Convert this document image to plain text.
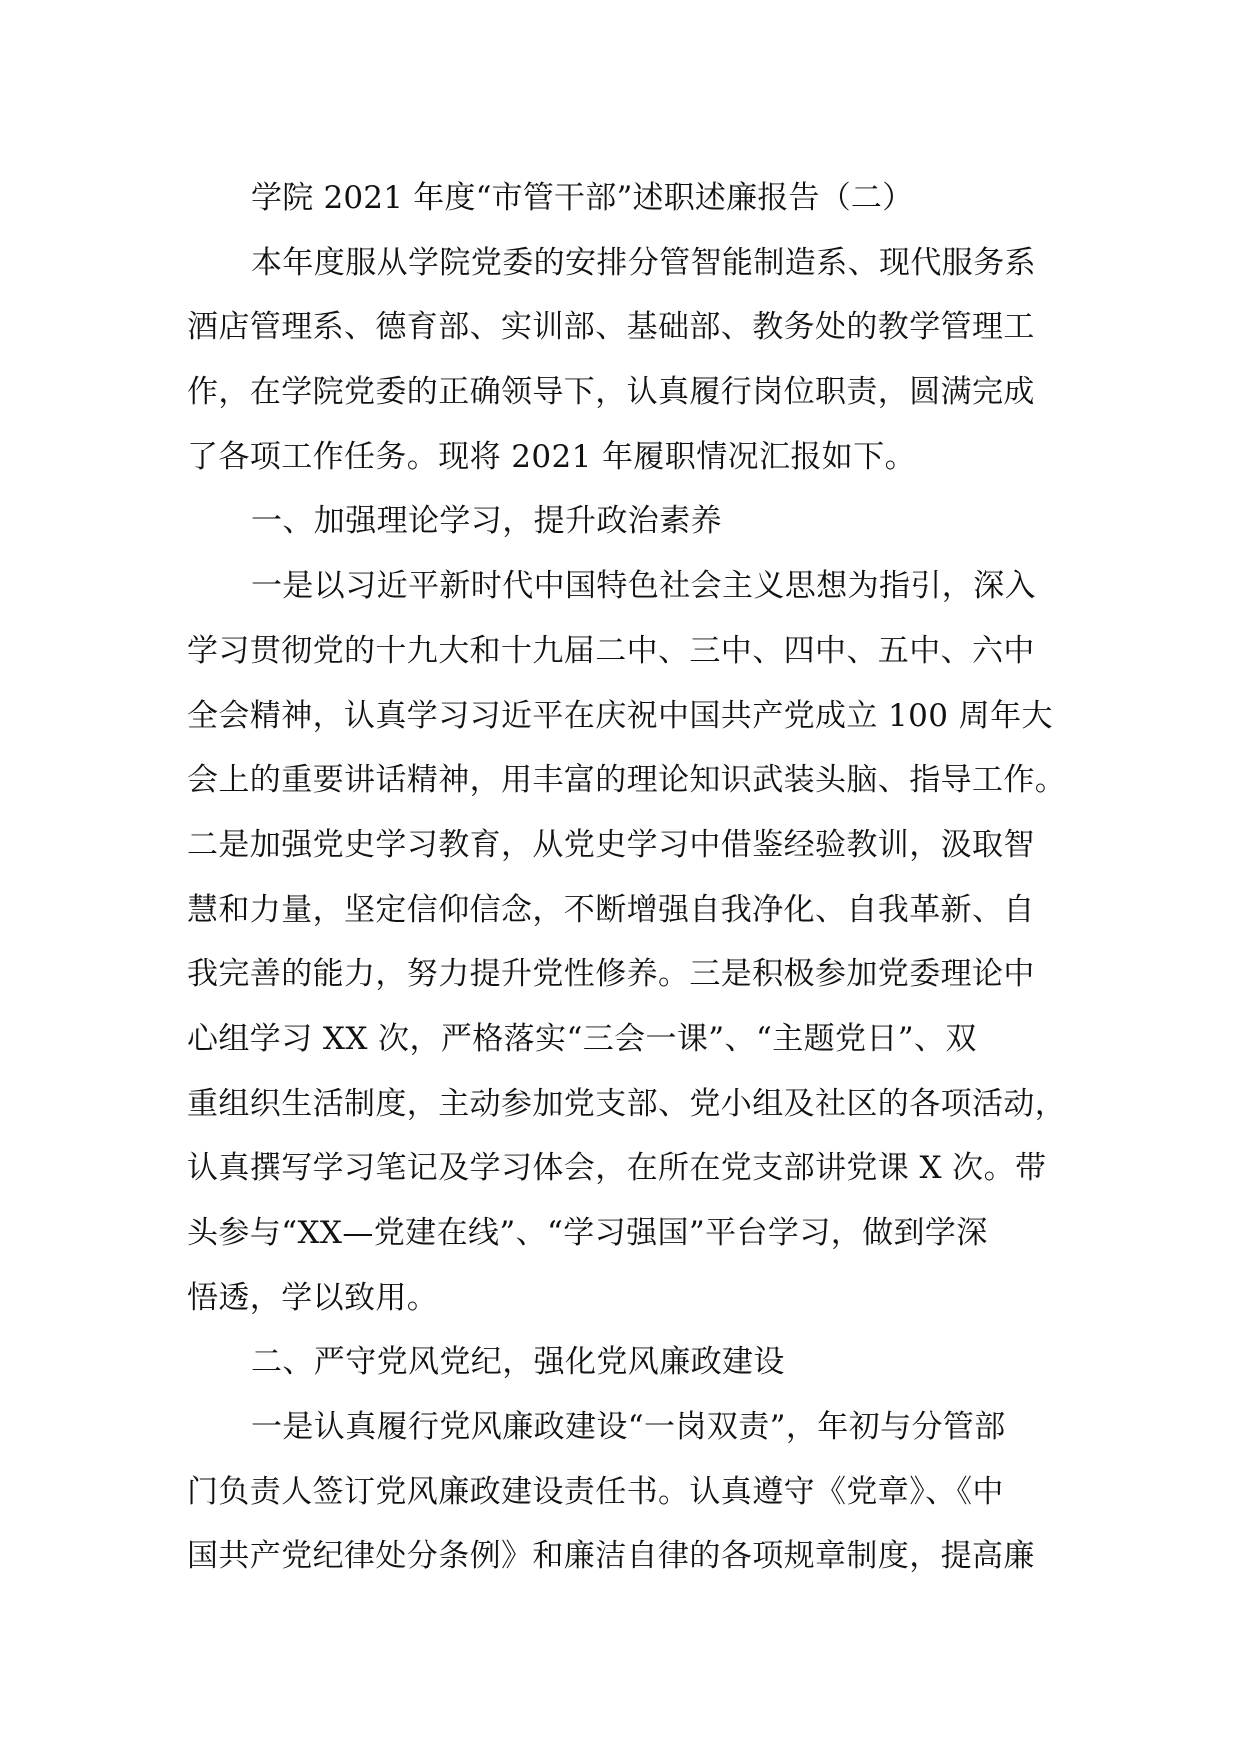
学院 2021 年度“市管干部”述职述廉报告（二）
本年度服从学院党委的安排分管智能制造系、现代服务系
酒店管理系、德育部、实训部、基础部、教务处的教学管理工
作，在学院党委的正确领导下，认真履行岗位职责，圆满完成
了各项工作任务。现将 2021 年履职情况汇报如下。
一、加强理论学习，提升政治素养
一是以习近平新时代中国特色社会主义思想为指引，深入
学习贯彻党的十九大和十九届二中、三中、四中、五中、六中
全会精神，认真学习习近平在庆祝中国共产党成立 100 周年大
会上的重要讲话精神，用丰富的理论知识武装头脑、指导工作。
二是加强党史学习教育，从党史学习中借鉴经验教训，汲取智
慧和力量，坚定信仰信念，不断增强自我净化、自我革新、自
我完善的能力，努力提升党性修养。三是积极参加党委理论中
心组学习 XX 次，严格落实“三会一课”、“主题党日”、双
重组织生活制度，主动参加党支部、党小组及社区的各项活动，
认真撰写学习笔记及学习体会，在所在党支部讲党课 X 次。带
头参与“XX—党建在线”、“学习强国”平台学习，做到学深
悟透，学以致用。
二、严守党风党纪，强化党风廉政建设
一是认真履行党风廉政建设“一岗双责”，年初与分管部
门负责人签订党风廉政建设责任书。认真遵守《党章》、《中
国共产党纪律处分条例》和廉洁自律的各项规章制度，提高廉
